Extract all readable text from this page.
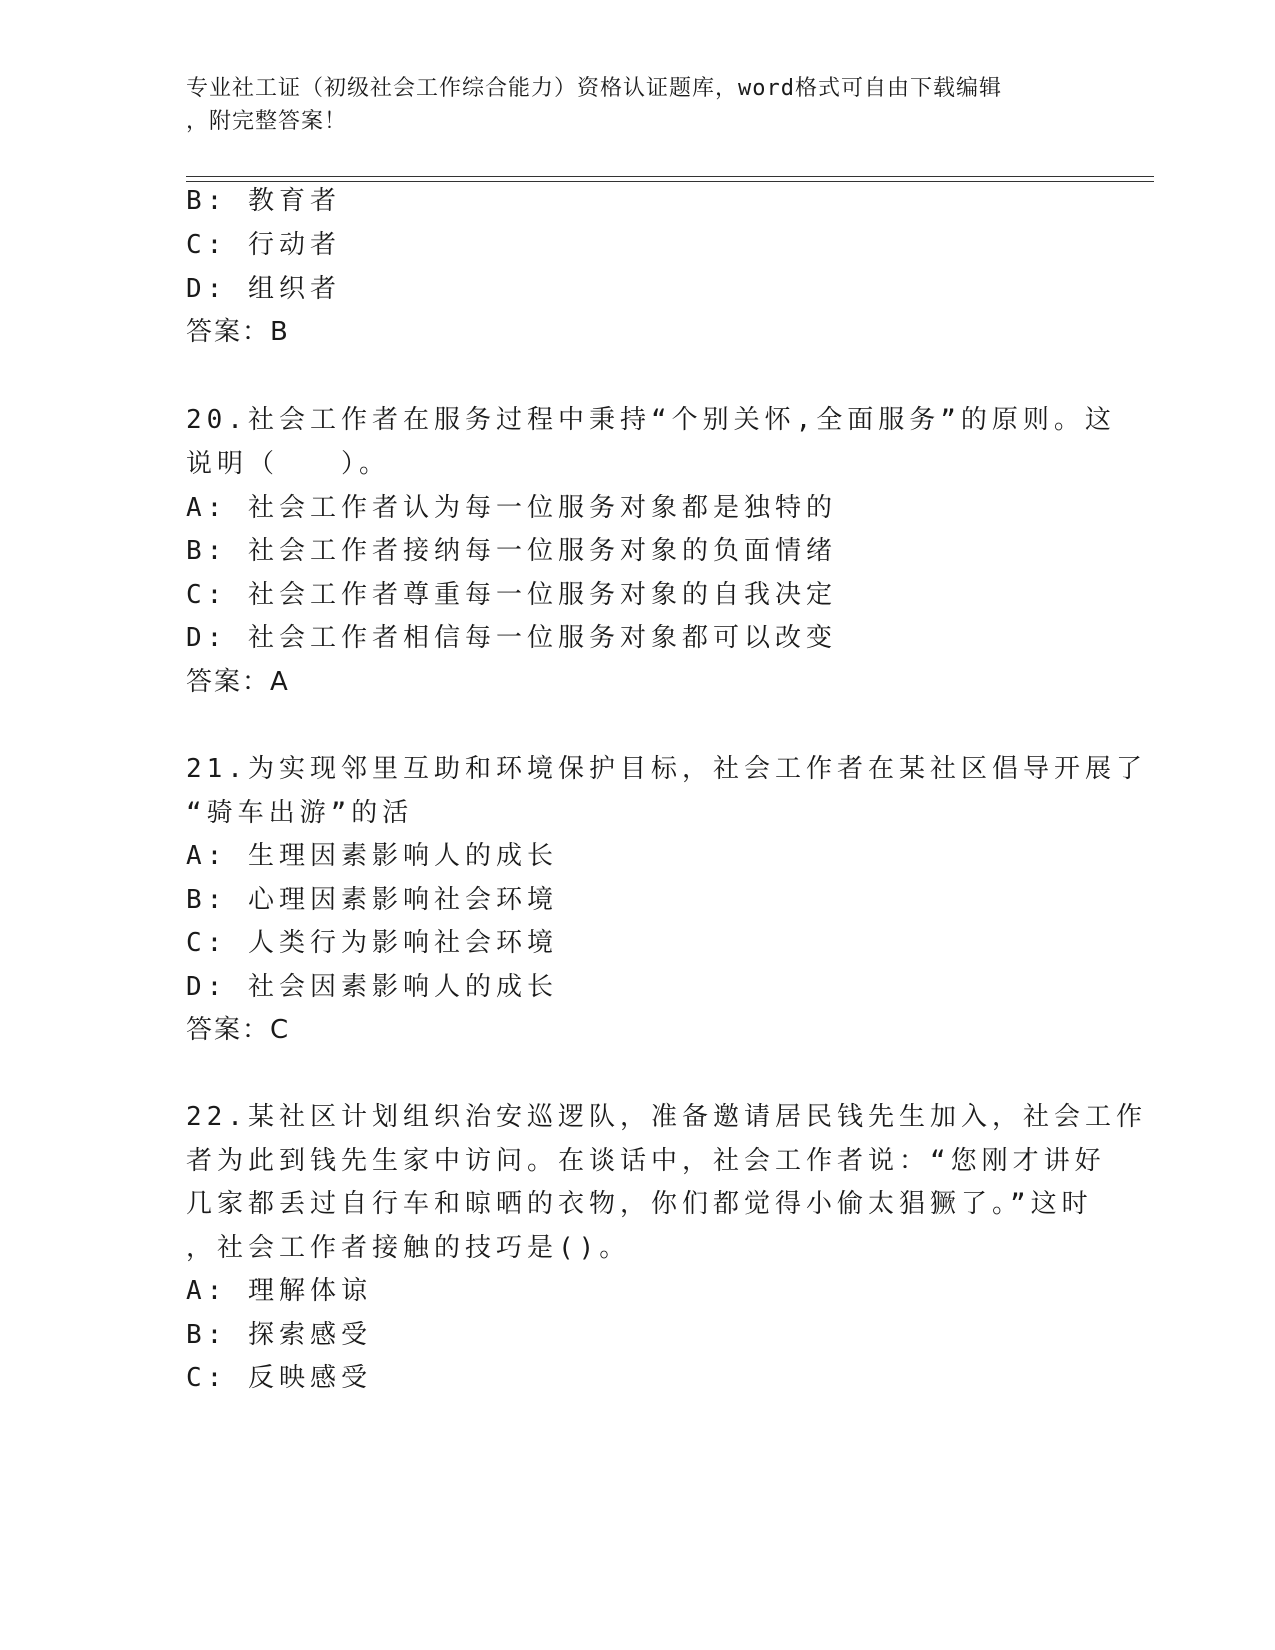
专业社工证（初级社会工作综合能力）资格认证题库，word格式可自由下载编辑
，附完整答案！
B: 教育者
C: 行动者
D: 组织者
答案：B
20.社会工作者在服务过程中秉持“个别关怀,全面服务”的原则。这
说明（　　）。
A: 社会工作者认为每一位服务对象都是独特的
B: 社会工作者接纳每一位服务对象的负面情绪
C: 社会工作者尊重每一位服务对象的自我决定
D: 社会工作者相信每一位服务对象都可以改变
答案：A
21.为实现邻里互助和环境保护目标，社会工作者在某社区倡导开展了
“骑车出游”的活
A: 生理因素影响人的成长
B: 心理因素影响社会环境
C: 人类行为影响社会环境
D: 社会因素影响人的成长
答案：C
22.某社区计划组织治安巡逻队，准备邀请居民钱先生加入，社会工作
者为此到钱先生家中访问。在谈话中，社会工作者说：“您刚才讲好
几家都丢过自行车和晾晒的衣物，你们都觉得小偷太猖獗了。”这时
，社会工作者接触的技巧是()。
A: 理解体谅
B: 探索感受
C: 反映感受
